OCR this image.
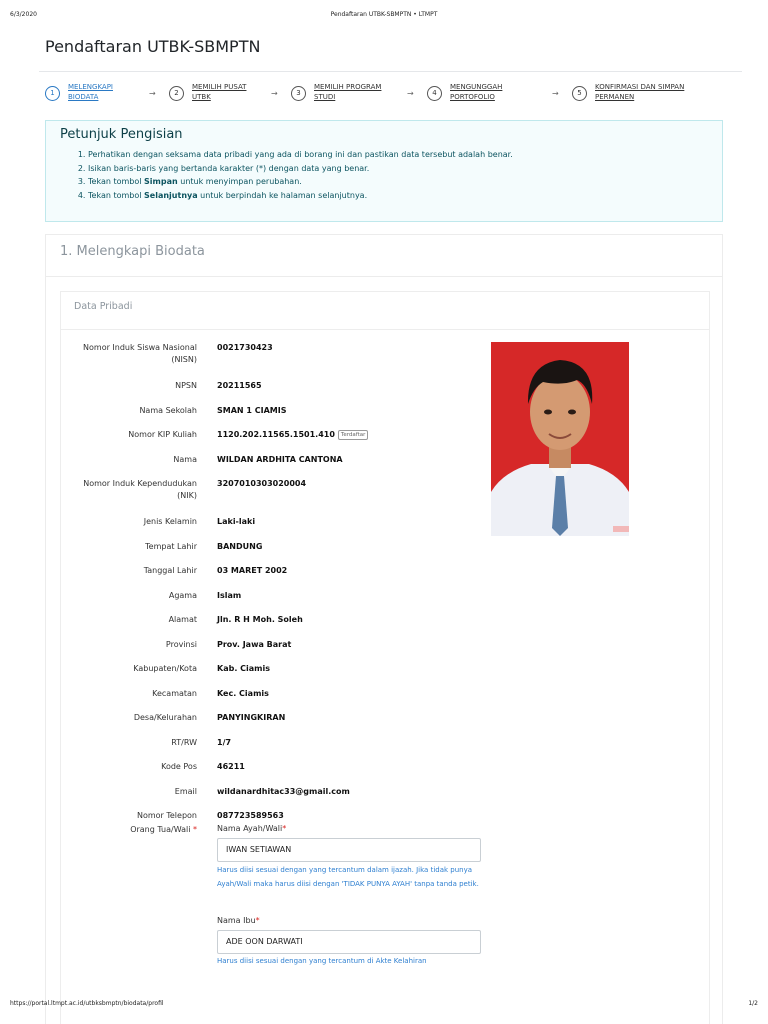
6/3/2020	Pendaftaran UTBK-SBMPTN • LTMPT
Pendaftaran UTBK-SBMPTN
1
MELENGKAPI
BIODATA	→	2
MEMILIH PUSAT
UTBK	→	3
MEMILIH PROGRAM
STUDI	→	4
MENGUNGGAH
PORTOFOLIO	→	5
KONFIRMASI DAN SIMPAN
PERMANEN
Petunjuk Pengisian
1. Perhatikan dengan seksama data pribadi yang ada di borang ini dan pastikan data tersebut adalah benar.
2. Isikan baris-baris yang bertanda karakter (*) dengan data yang benar.
3. Tekan tombol Simpan untuk menyimpan perubahan.
4. Tekan tombol Selanjutnya untuk berpindah ke halaman selanjutnya.
1. Melengkapi Biodata
Data Pribadi
Nomor Induk Siswa Nasional (NISN)
0021730423
NPSN	20211565
Nama Sekolah	SMAN 1 CIAMIS
Nomor KIP Kuliah	1120.202.11565.1501.410 Terdaftar
Nama	WILDAN ARDHITA CANTONA
Nomor Induk Kependudukan (NIK)
3207010303020004
Jenis Kelamin	Laki-laki
Tempat Lahir	BANDUNG
Tanggal Lahir	03 MARET 2002
Agama	Islam
Alamat	Jln. R H Moh. Soleh
Provinsi	Prov. Jawa Barat
Kabupaten/Kota	Kab. Ciamis
Kecamatan	Kec. Ciamis
Desa/Kelurahan	PANYINGKIRAN
RT/RW	1/7
Kode Pos	46211
Email	wildanardhitac33@gmail.com
Nomor Telepon	087723589563
Orang Tua/Wali *	Nama Ayah/Wali*
IWAN SETIAWAN
Harus diisi sesuai dengan yang tercantum dalam ijazah. Jika tidak punya Ayah/Wali maka harus diisi dengan 'TIDAK PUNYA AYAH' tanpa tanda petik.
Nama Ibu*
ADE OON DARWATI
Harus diisi sesuai dengan yang tercantum di Akte Kelahiran
https://portal.ltmpt.ac.id/utbksbmptn/biodata/profil	1/2
